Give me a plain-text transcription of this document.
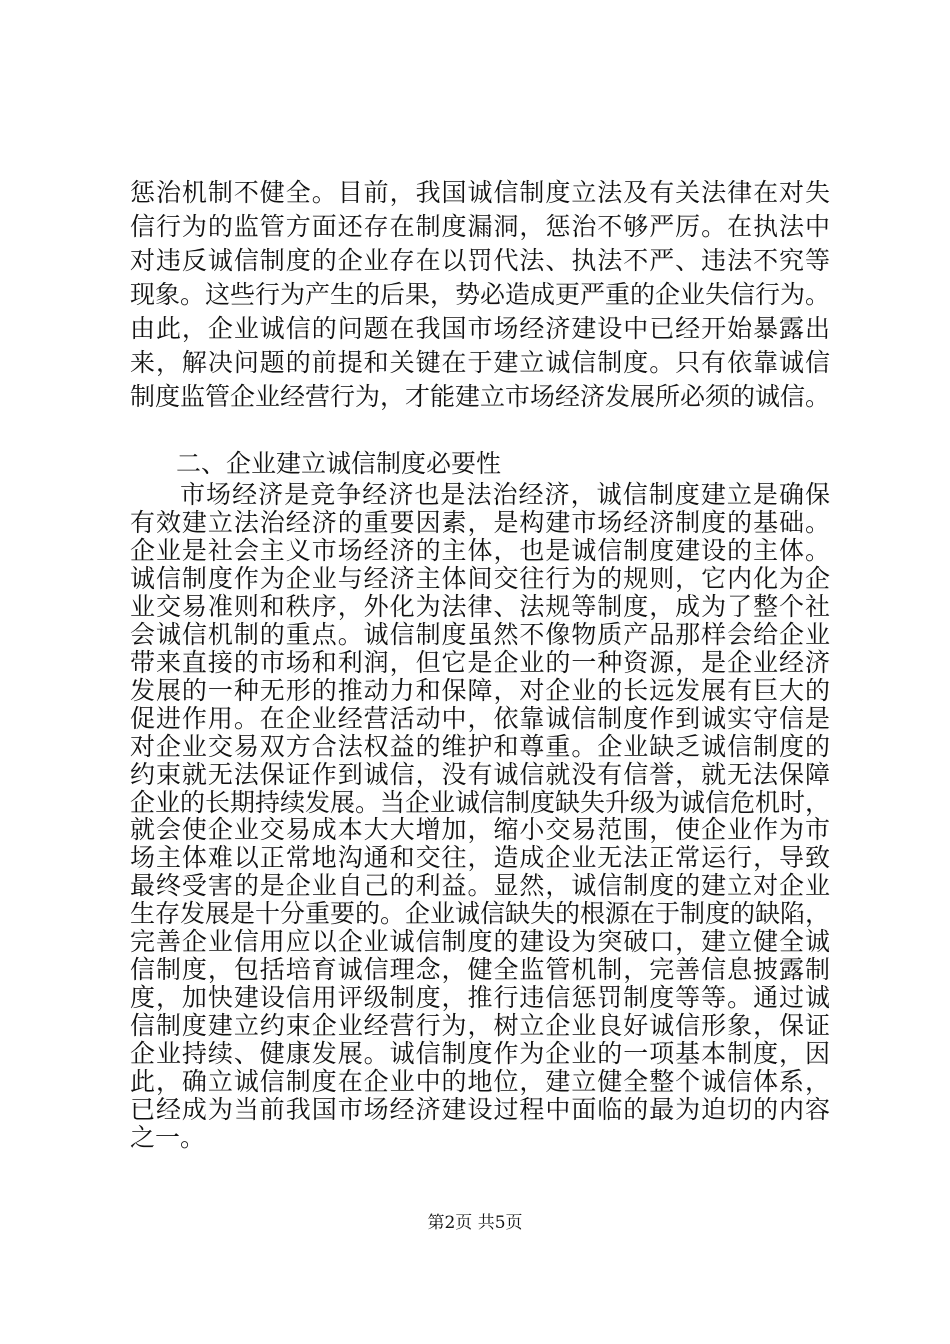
惩治机制不健全。目前，我国诚信制度立法及有关法律在对失
信行为的监管方面还存在制度漏洞，惩治不够严厉。在执法中
对违反诚信制度的企业存在以罚代法、执法不严、违法不究等
现象。这些行为产生的后果，势必造成更严重的企业失信行为。
由此，企业诚信的问题在我国市场经济建设中已经开始暴露出
来，解决问题的前提和关键在于建立诚信制度。只有依靠诚信
制度监管企业经营行为，才能建立市场经济发展所必须的诚信。
二、企业建立诚信制度必要性
市场经济是竞争经济也是法治经济，诚信制度建立是确保
有效建立法治经济的重要因素，是构建市场经济制度的基础。
企业是社会主义市场经济的主体，也是诚信制度建设的主体。
诚信制度作为企业与经济主体间交往行为的规则，它内化为企
业交易准则和秩序，外化为法律、法规等制度，成为了整个社
会诚信机制的重点。诚信制度虽然不像物质产品那样会给企业
带来直接的市场和利润，但它是企业的一种资源，是企业经济
发展的一种无形的推动力和保障，对企业的长远发展有巨大的
促进作用。在企业经营活动中，依靠诚信制度作到诚实守信是
对企业交易双方合法权益的维护和尊重。企业缺乏诚信制度的
约束就无法保证作到诚信，没有诚信就没有信誉，就无法保障
企业的长期持续发展。当企业诚信制度缺失升级为诚信危机时，
就会使企业交易成本大大增加，缩小交易范围，使企业作为市
场主体难以正常地沟通和交往，造成企业无法正常运行，导致
最终受害的是企业自己的利益。显然，诚信制度的建立对企业
生存发展是十分重要的。企业诚信缺失的根源在于制度的缺陷，
完善企业信用应以企业诚信制度的建设为突破口，建立健全诚
信制度，包括培育诚信理念，健全监管机制，完善信息披露制
度，加快建设信用评级制度，推行违信惩罚制度等等。通过诚
信制度建立约束企业经营行为，树立企业良好诚信形象，保证
企业持续、健康发展。诚信制度作为企业的一项基本制度，因
此，确立诚信制度在企业中的地位，建立健全整个诚信体系，
已经成为当前我国市场经济建设过程中面临的最为迫切的内容
之一。
第2页 共5页
